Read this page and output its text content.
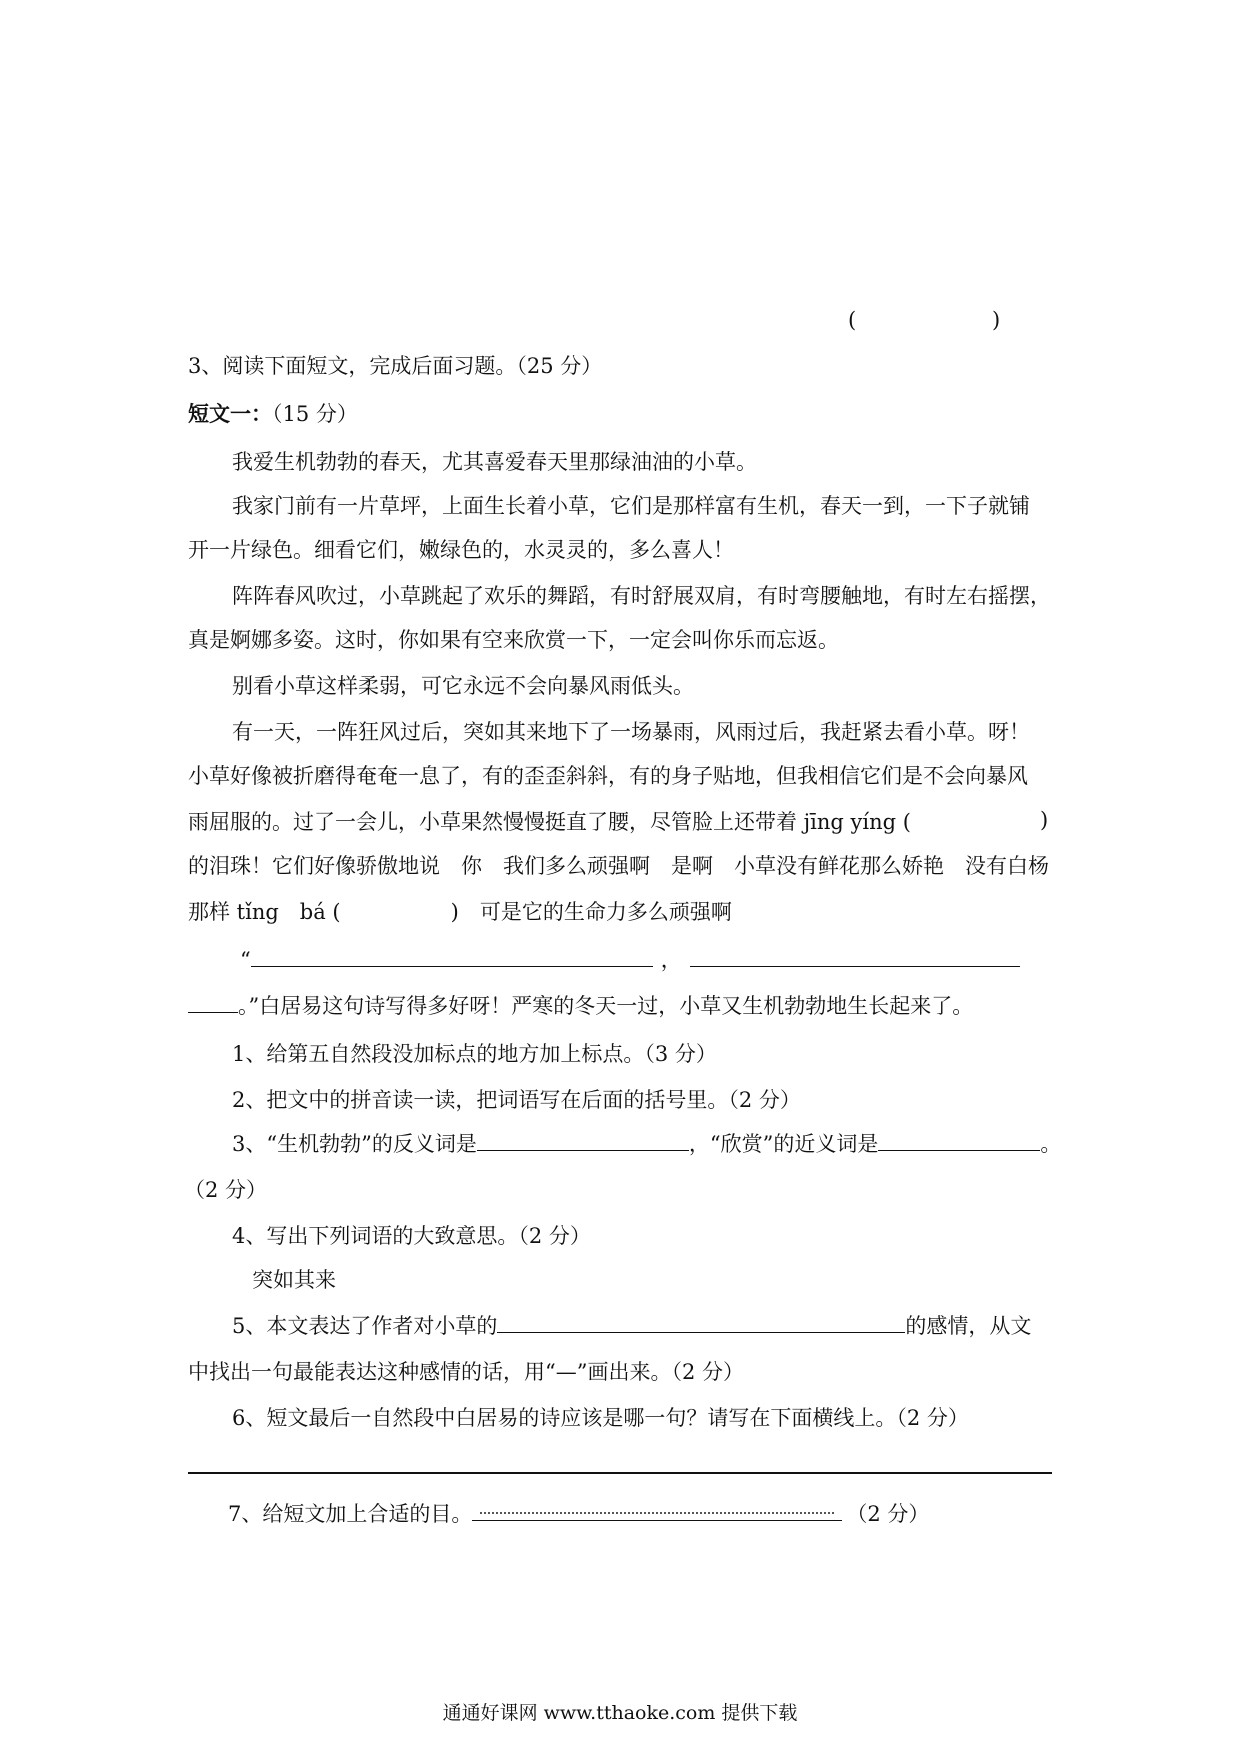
(	)
3、阅读下面短文，完成后面习题。（25 分）
短文一：（15 分）
我爱生机勃勃的春天，尤其喜爱春天里那绿油油的小草。
我家门前有一片草坪，上面生长着小草，它们是那样富有生机，春天一到，一下子就铺
开一片绿色。细看它们，嫩绿色的，水灵灵的，多么喜人！
阵阵春风吹过，小草跳起了欢乐的舞蹈，有时舒展双肩，有时弯腰触地，有时左右摇摆，
真是婀娜多姿。这时，你如果有空来欣赏一下，一定会叫你乐而忘返。
别看小草这样柔弱，可它永远不会向暴风雨低头。
有一天，一阵狂风过后，突如其来地下了一场暴雨，风雨过后，我赶紧去看小草。呀！
小草好像被折磨得奄奄一息了，有的歪歪斜斜，有的身子贴地，但我相信它们是不会向暴风
雨屈服的。过了一会儿，小草果然慢慢挺直了腰，尽管脸上还带着 jīng yíng (	)
的泪珠！它们好像骄傲地说　你　我们多么顽强啊　是啊　小草没有鲜花那么娇艳　没有白杨
那样 tǐng　bá (	)　可是它的生命力多么顽强啊
“	，
。”白居易这句诗写得多好呀！严寒的冬天一过，小草又生机勃勃地生长起来了。
1、给第五自然段没加标点的地方加上标点。（3 分）
2、把文中的拼音读一读，把词语写在后面的括号里。（2 分）
3、“生机勃勃”的反义词是	，“欣赏”的近义词是	。
（2 分）
4、写出下列词语的大致意思。（2 分）
突如其来
5、本文表达了作者对小草的	的感情，从文
中找出一句最能表达这种感情的话，用“—”画出来。（2 分）
6、短文最后一自然段中白居易的诗应该是哪一句？请写在下面横线上。（2 分）
7、给短文加上合适的目。	（2 分）
通通好课网 www.tthaoke.com 提供下载
